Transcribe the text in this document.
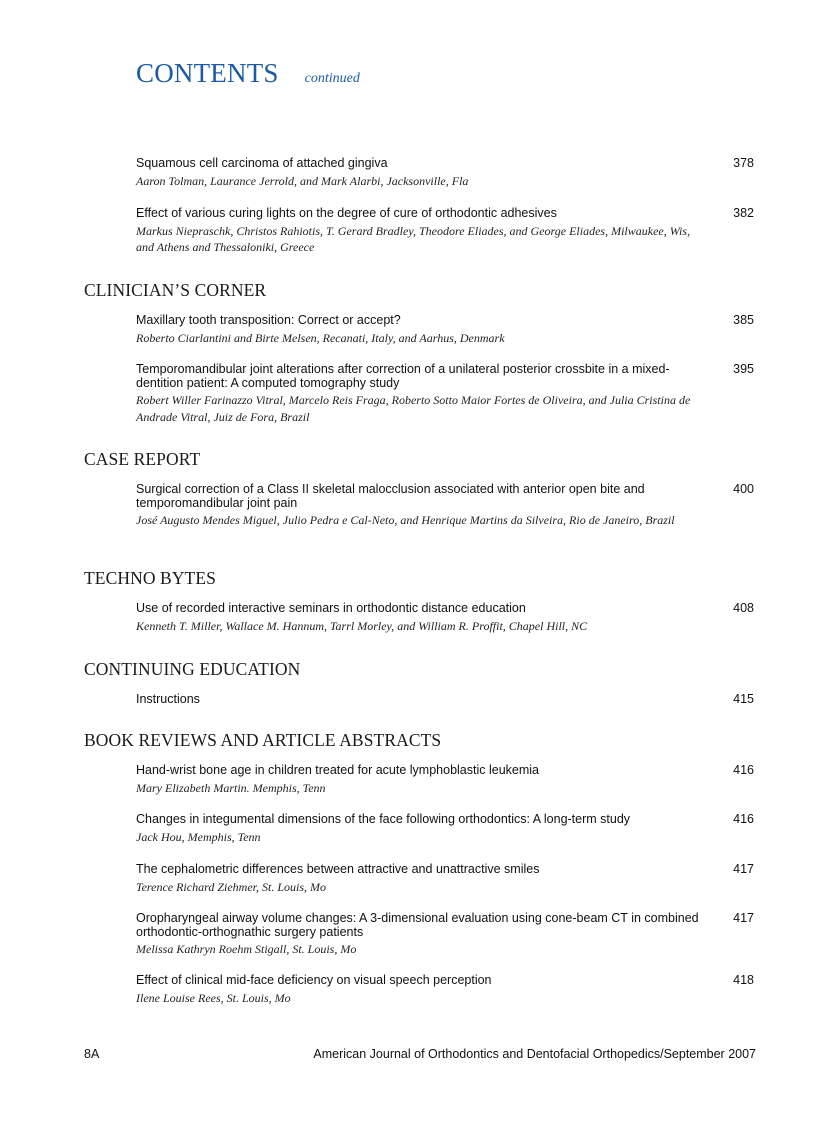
CONTENTS continued
Squamous cell carcinoma of attached gingiva
Aaron Tolman, Laurance Jerrold, and Mark Alarbi, Jacksonville, Fla
378
Effect of various curing lights on the degree of cure of orthodontic adhesives
Markus Niepraschk, Christos Rahiotis, T. Gerard Bradley, Theodore Eliades, and George Eliades, Milwaukee, Wis, and Athens and Thessaloniki, Greece
382
CLINICIAN’S CORNER
Maxillary tooth transposition: Correct or accept?
Roberto Ciarlantini and Birte Melsen, Recanati, Italy, and Aarhus, Denmark
385
Temporomandibular joint alterations after correction of a unilateral posterior crossbite in a mixed-dentition patient: A computed tomography study
Robert Willer Farinazzo Vitral, Marcelo Reis Fraga, Roberto Sotto Maior Fortes de Oliveira, and Julia Cristina de Andrade Vitral, Juiz de Fora, Brazil
395
CASE REPORT
Surgical correction of a Class II skeletal malocclusion associated with anterior open bite and temporomandibular joint pain
José Augusto Mendes Miguel, Julio Pedra e Cal-Neto, and Henrique Martins da Silveira, Rio de Janeiro, Brazil
400
TECHNO BYTES
Use of recorded interactive seminars in orthodontic distance education
Kenneth T. Miller, Wallace M. Hannum, Tarrl Morley, and William R. Proffit, Chapel Hill, NC
408
CONTINUING EDUCATION
Instructions	415
BOOK REVIEWS AND ARTICLE ABSTRACTS
Hand-wrist bone age in children treated for acute lymphoblastic leukemia
Mary Elizabeth Martin. Memphis, Tenn
416
Changes in integumental dimensions of the face following orthodontics: A long-term study
Jack Hou, Memphis, Tenn
416
The cephalometric differences between attractive and unattractive smiles
Terence Richard Ziehmer, St. Louis, Mo
417
Oropharyngeal airway volume changes: A 3-dimensional evaluation using cone-beam CT in combined orthodontic-orthognathic surgery patients
Melissa Kathryn Roehm Stigall, St. Louis, Mo
417
Effect of clinical mid-face deficiency on visual speech perception
Ilene Louise Rees, St. Louis, Mo
418
8A	American Journal of Orthodontics and Dentofacial Orthopedics/September 2007
